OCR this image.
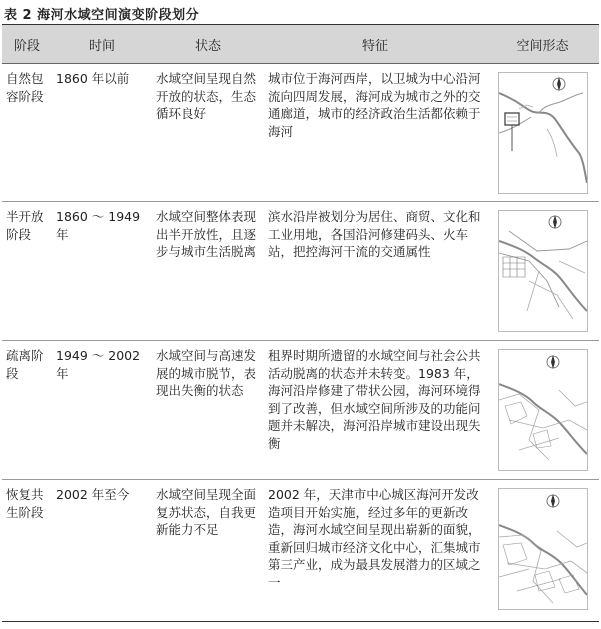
表 2 海河水域空间演变阶段划分
阶段	时间	状态	特征	空间形态
自然包容阶段	1860 年以前	水域空间呈现自然开放的状态，生态循环良好	城市位于海河西岸，以卫城为中心沿河流向四周发展，海河成为城市之外的交通廊道，城市的经济政治生活都依赖于海河	

半开放阶段	1860 ～ 1949 年	水域空间整体表现出半开放性，且逐步与城市生活脱离	滨水沿岸被划分为居住、商贸、文化和工业用地，各国沿河修建码头、火车站，把控海河干流的交通属性	

疏离阶段	1949 ～ 2002 年	水域空间与高速发展的城市脱节，表现出失衡的状态	租界时期所遗留的水域空间与社会公共活动脱离的状态并未转变。1983 年，海河沿岸修建了带状公园，海河环境得到了改善，但水域空间所涉及的功能问题并未解决，海河沿岸城市建设出现失衡	

恢复共生阶段	2002 年至今	水域空间呈现全面复苏状态，自我更新能力不足	2002 年，天津市中心城区海河开发改造项目开始实施，经过多年的更新改造，海河水域空间呈现出崭新的面貌，重新回归城市经济文化中心，汇集城市第三产业，成为最具发展潜力的区域之一	
